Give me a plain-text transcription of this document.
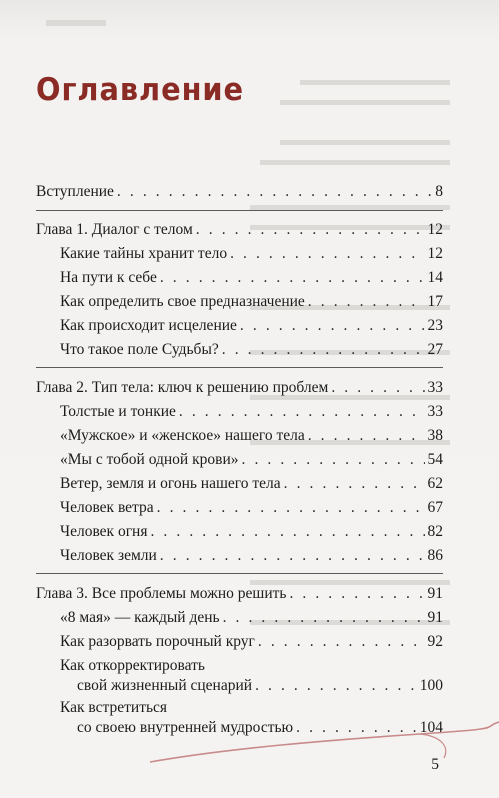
Оглавление
Вступление . . .	8
Глава 1. Диалог с телом . . .	12
Какие тайны хранит тело . . .	12
На пути к себе . . .	14
Как определить свое предназначение . . .	17
Как происходит исцеление . . .	23
Что такое поле Судьбы? . . .	27
Глава 2. Тип тела: ключ к решению проблем . . .	33
Толстые и тонкие . . .	33
«Мужское» и «женское» нашего тела . . .	38
«Мы с тобой одной крови» . . .	54
Ветер, земля и огонь нашего тела . . .	62
Человек ветра . . .	67
Человек огня . . .	82
Человек земли . . .	86
Глава 3. Все проблемы можно решить . . .	91
«8 мая» — каждый день . . .	91
Как разорвать порочный круг . . .	92
Как откорректировать
свой жизненный сценарий . . .	100
Как встретиться
со своею внутренней мудростью . . .	104
5
